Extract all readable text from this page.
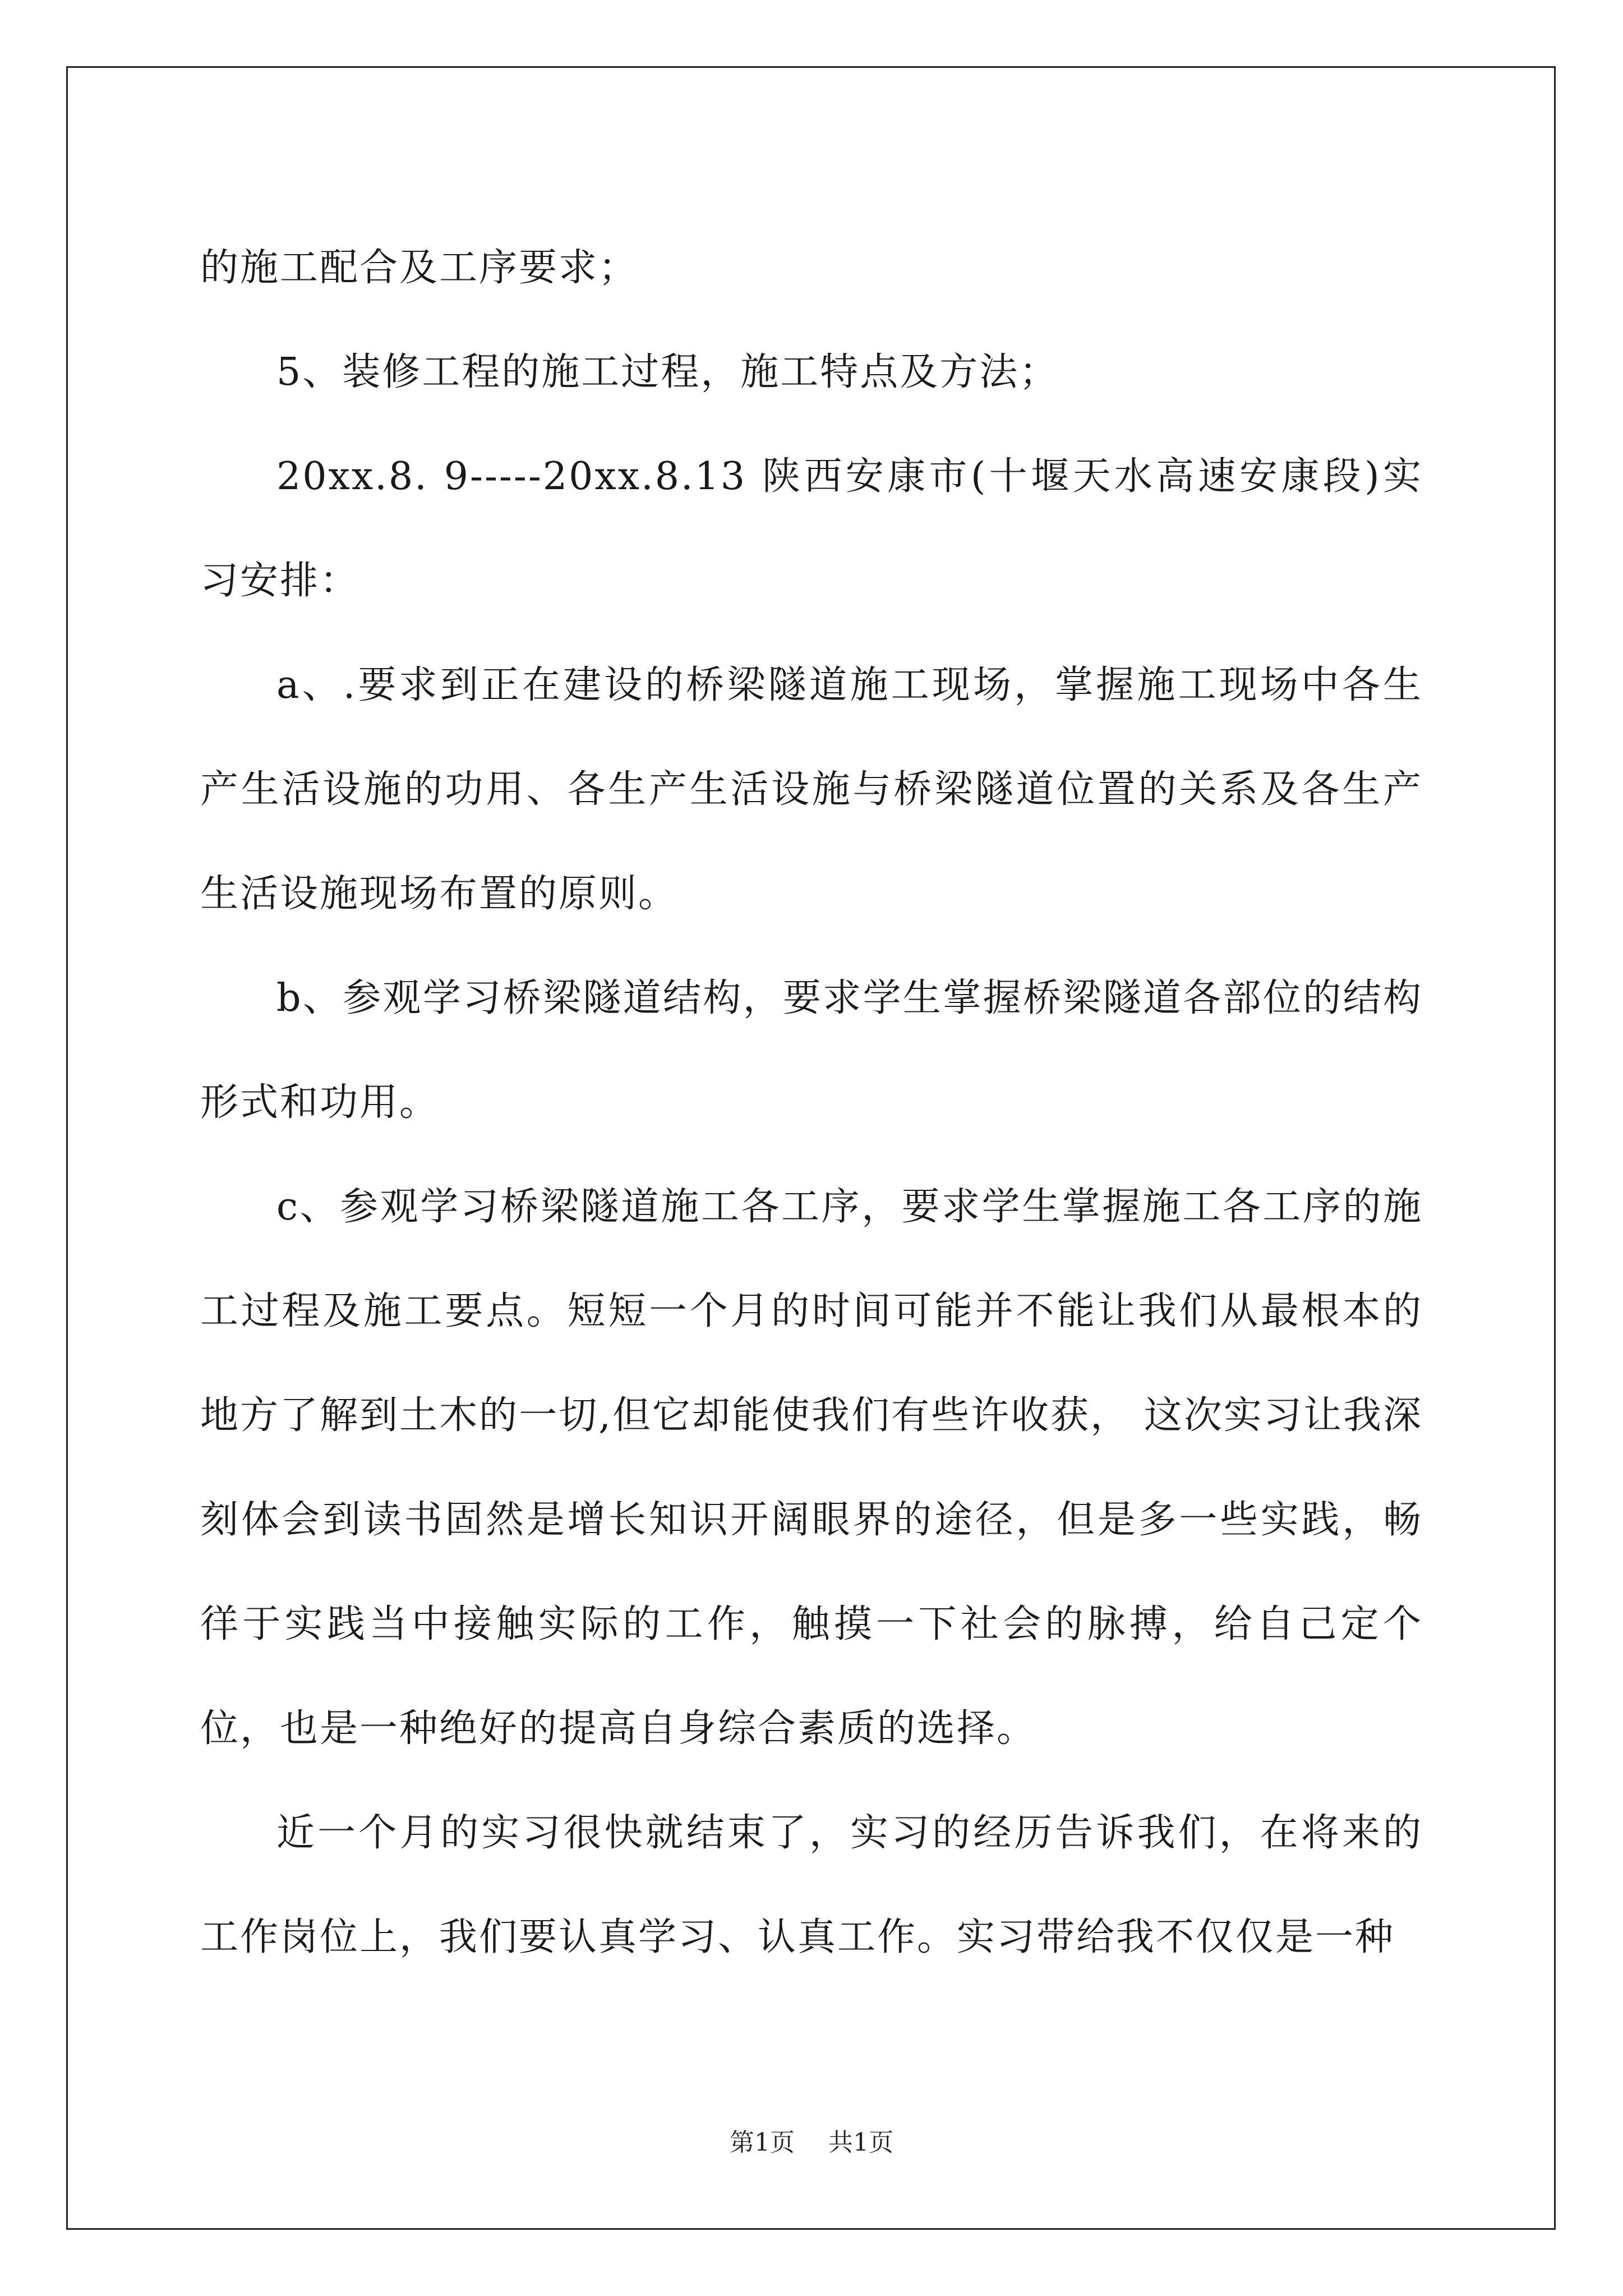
的施工配合及工序要求；

5、装修工程的施工过程，施工特点及方法；

20xx.8. 9-----20xx.8.13 陕西安康市(十堰天水高速安康段)实习安排：

a、.要求到正在建设的桥梁隧道施工现场，掌握施工现场中各生产生活设施的功用、各生产生活设施与桥梁隧道位置的关系及各生产生活设施现场布置的原则。

b、参观学习桥梁隧道结构，要求学生掌握桥梁隧道各部位的结构形式和功用。

c、参观学习桥梁隧道施工各工序，要求学生掌握施工各工序的施工过程及施工要点。短短一个月的时间可能并不能让我们从最根本的地方了解到土木的一切,但它却能使我们有些许收获， 这次实习让我深刻体会到读书固然是增长知识开阔眼界的途径，但是多一些实践，畅徉于实践当中接触实际的工作，触摸一下社会的脉搏，给自己定个位，也是一种绝好的提高自身综合素质的选择。

近一个月的实习很快就结束了，实习的经历告诉我们，在将来的工作岗位上，我们要认真学习、认真工作。实习带给我不仅仅是一种

第1页 共1页
